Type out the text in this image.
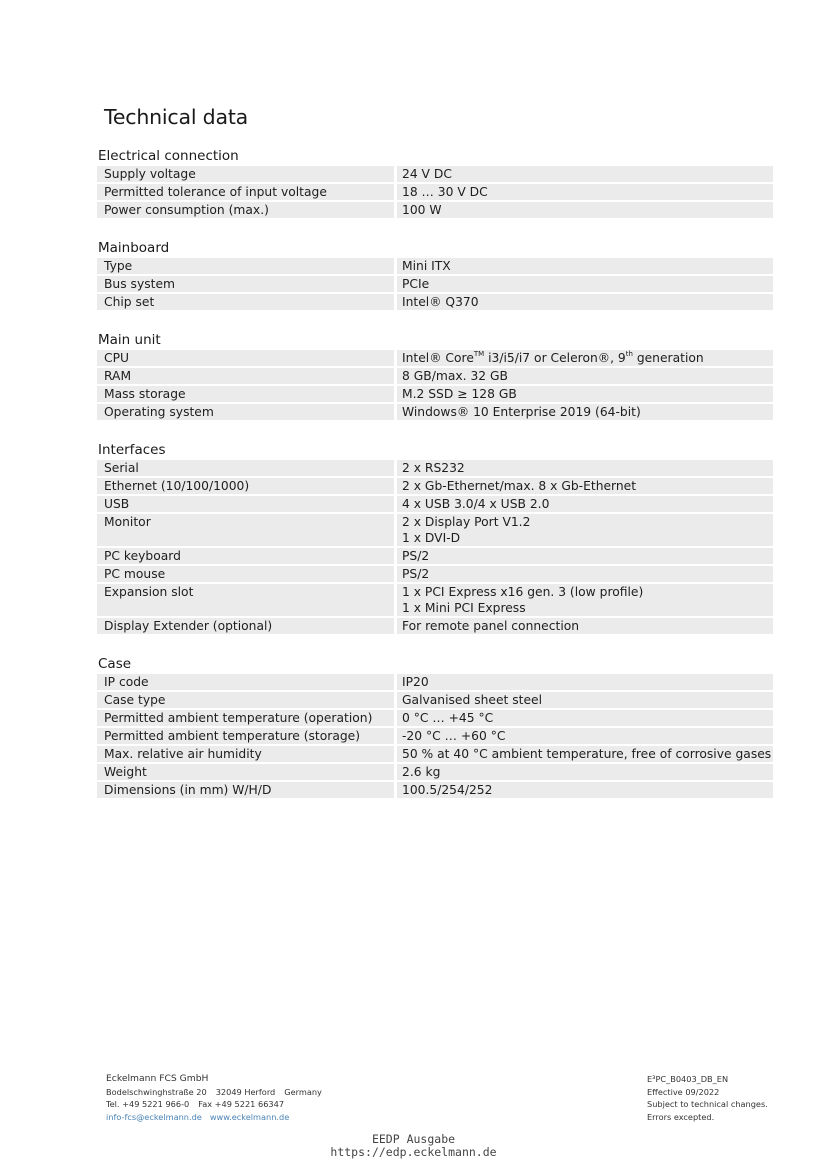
Technical data
Electrical connection
Supply voltage	24 V DC

Permitted tolerance of input voltage	18 … 30 V DC

Power consumption (max.)	100 W
Mainboard
Type	Mini ITX

Bus system	PCIe

Chip set	Intel® Q370
Main unit
CPU	Intel® Core™ i3/i5/i7 or Celeron®, 9th generation

RAM	8 GB/max. 32 GB

Mass storage	M.2 SSD ≥ 128 GB

Operating system	Windows® 10 Enterprise 2019 (64-bit)
Interfaces
Serial	2 x RS232

Ethernet (10/100/1000)	2 x Gb-Ethernet/max. 8 x Gb-Ethernet

USB	4 x USB 3.0/4 x USB 2.0

Monitor	2 x Display Port V1.2
1 x DVI-D

PC keyboard	PS/2

PC mouse	PS/2

Expansion slot	1 x PCI Express x16 gen. 3 (low profile)
1 x Mini PCI Express

Display Extender (optional)	For remote panel connection
Case
IP code	IP20

Case type	Galvanised sheet steel

Permitted ambient temperature (operation)	0 °C … +45 °C

Permitted ambient temperature (storage)	-20 °C … +60 °C

Max. relative air humidity	50 % at 40 °C ambient temperature, free of corrosive gases

Weight	2.6 kg

Dimensions (in mm) W/H/D	100.5/254/252
Eckelmann FCS GmbH
Bodelschwinghstraße 20 32049 Herford Germany
Tel. +49 5221 966-0 Fax +49 5221 66347
info-fcs@eckelmann.de www.eckelmann.de
E³PC_B0403_DB_EN
Effective 09/2022
Subject to technical changes.
Errors excepted.
EEDP Ausgabe
https://edp.eckelmann.de
